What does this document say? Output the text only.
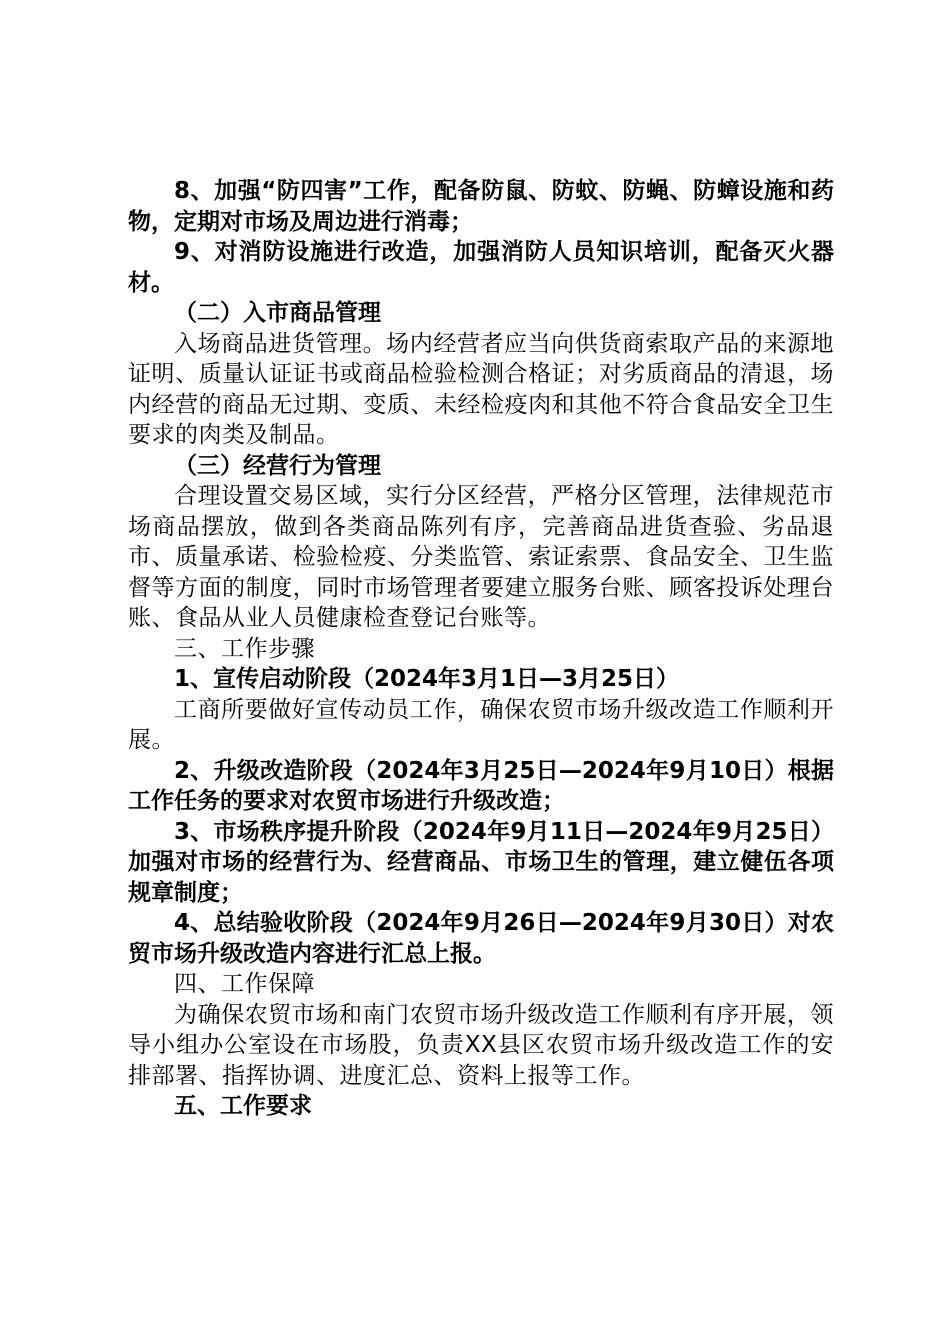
8、加强“防四害”工作，配备防鼠、防蚊、防蝇、防蟑设施和药物，定期对市场及周边进行消毒；

9、对消防设施进行改造，加强消防人员知识培训，配备灭火器材。

（二）入市商品管理

入场商品进货管理。场内经营者应当向供货商索取产品的来源地证明、质量认证证书或商品检验检测合格证；对劣质商品的清退，场内经营的商品无过期、变质、未经检疫肉和其他不符合食品安全卫生要求的肉类及制品。

（三）经营行为管理

合理设置交易区域，实行分区经营，严格分区管理，法律规范市场商品摆放，做到各类商品陈列有序，完善商品进货查验、劣品退市、质量承诺、检验检疫、分类监管、索证索票、食品安全、卫生监督等方面的制度，同时市场管理者要建立服务台账、顾客投诉处理台账、食品从业人员健康检查登记台账等。

三、工作步骤

1、宣传启动阶段（2024年3月1日—3月25日）

工商所要做好宣传动员工作，确保农贸市场升级改造工作顺利开展。

2、升级改造阶段（2024年3月25日—2024年9月10日）根据工作任务的要求对农贸市场进行升级改造；

3、市场秩序提升阶段（2024年9月11日—2024年9月25日）加强对市场的经营行为、经营商品、市场卫生的管理，建立健伍各项规章制度；

4、总结验收阶段（2024年9月26日—2024年9月30日）对农贸市场升级改造内容进行汇总上报。

四、工作保障

为确保农贸市场和南门农贸市场升级改造工作顺利有序开展，领导小组办公室设在市场股，负责XX县区农贸市场升级改造工作的安排部署、指挥协调、进度汇总、资料上报等工作。

五、工作要求
